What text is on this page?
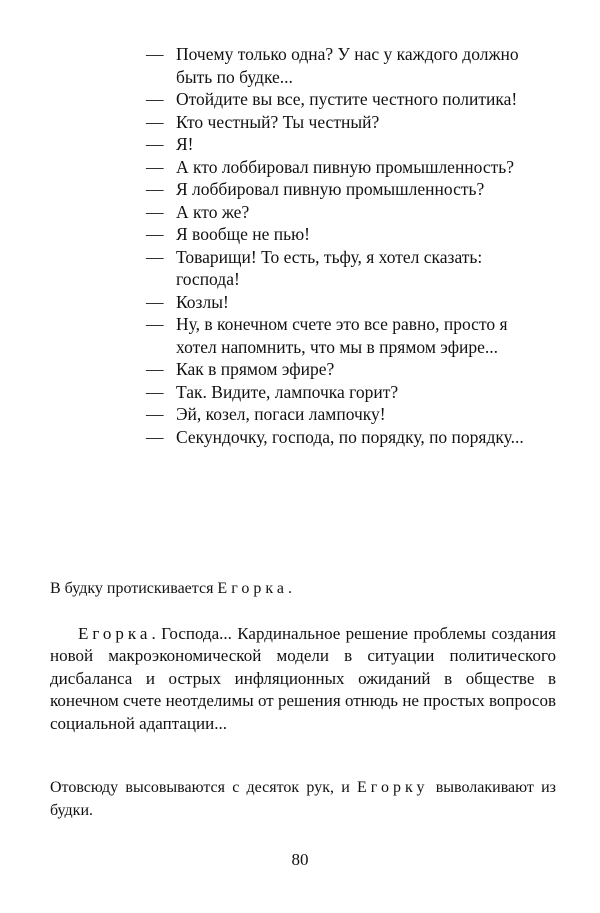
— Почему только одна? У нас у каждого должно быть по будке...
— Отойдите вы все, пустите честного политика!
— Кто честный? Ты честный?
— Я!
— А кто лоббировал пивную промышленность?
— Я лоббировал пивную промышленность?
— А кто же?
— Я вообще не пью!
— Товарищи! То есть, тьфу, я хотел сказать: господа!
— Козлы!
— Ну, в конечном счете это все равно, просто я хотел напомнить, что мы в прямом эфире...
— Как в прямом эфире?
— Так. Видите, лампочка горит?
— Эй, козел, погаси лампочку!
— Секундочку, господа, по порядку, по порядку...
В будку протискивается Егорка.
Егорка. Господа... Кардинальное решение проблемы создания новой макроэкономической модели в ситуации политического дисбаланса и острых инфляционных ожиданий в обществе в конечном счете неотделимы от решения отнюдь не простых вопросов социальной адаптации...
Отовсюду высовываются с десяток рук, и Егорку выволакивают из будки.
80
